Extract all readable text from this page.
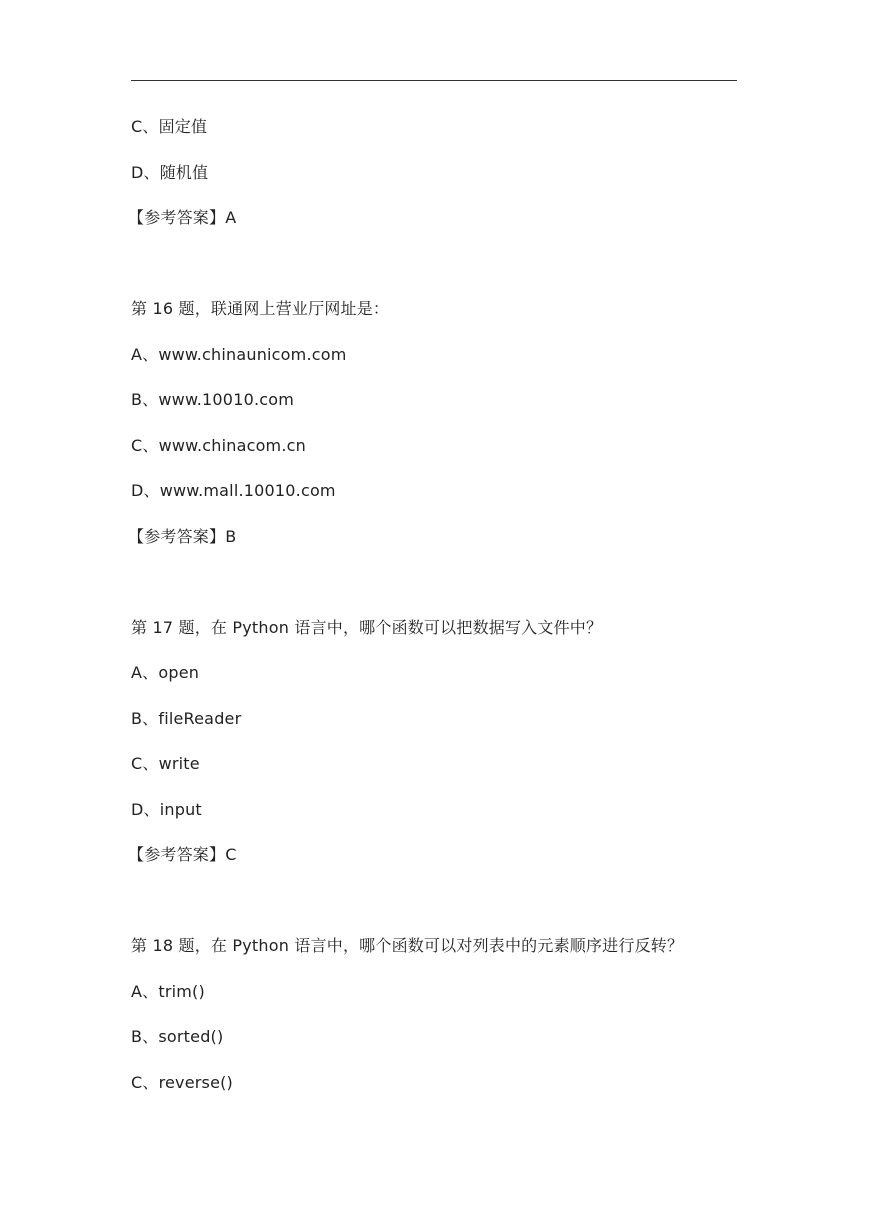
C、固定值
D、随机值
【参考答案】A
第 16 题，联通网上营业厅网址是：
A、www.chinaunicom.com
B、www.10010.com
C、www.chinacom.cn
D、www.mall.10010.com
【参考答案】B
第 17 题，在 Python 语言中，哪个函数可以把数据写入文件中？
A、open
B、fileReader
C、write
D、input
【参考答案】C
第 18 题，在 Python 语言中，哪个函数可以对列表中的元素顺序进行反转？
A、trim()
B、sorted()
C、reverse()
